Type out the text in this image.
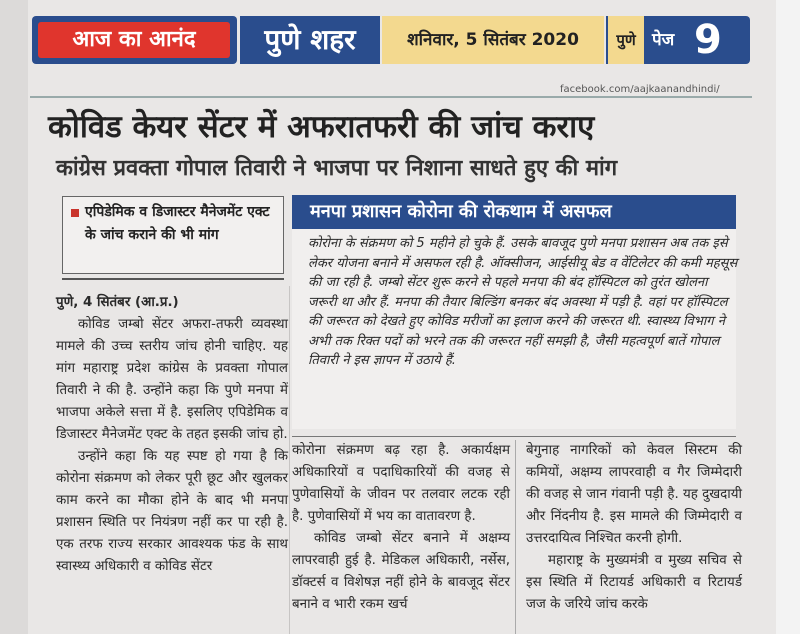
आज का आनंद	पुणे शहर	शनिवार, 5 सितंबर 2020	पुणे पेज 9
facebook.com/aajkaanandhindi/
कोविड केयर सेंटर में अफरातफरी की जांच कराए
कांग्रेस प्रवक्ता गोपाल तिवारी ने भाजपा पर निशाना साधते हुए की मांग
एपिडेमिक व डिजास्टर मैनेजमेंट एक्ट के जांच कराने की भी मांग
मनपा प्रशासन कोरोना की रोकथाम में असफल
कोरोना के संक्रमण को 5 महीने हो चुके हैं. उसके बावजूद पुणे मनपा प्रशासन अब तक इसे लेकर योजना बनाने में असफल रही है. ऑक्सीजन, आईसीयू बेड व वेंटिलेटर की कमी महसूस की जा रही है. जम्बो सेंटर शुरू करने से पहले मनपा की बंद हॉस्पिटल को तुरंत खोलना जरूरी था और हैं. मनपा की तैयार बिल्डिंग बनकर बंद अवस्था में पड़ी है. वहां पर हॉस्पिटल की जरूरत को देखते हुए कोविड मरीजों का इलाज करने की जरूरत थी. स्वास्थ्य विभाग ने अभी तक रिक्त पदों को भरने तक की जरूरत नहीं समझी है, जैसी महत्वपूर्ण बातें गोपाल तिवारी ने इस ज्ञापन में उठाये हैं.

पुणे, 4 सितंबर (आ.प्र.)

कोविड जम्बो सेंटर अफरा-तफरी व्यवस्था मामले की उच्च स्तरीय जांच होनी चाहिए. यह मांग महाराष्ट्र प्रदेश कांग्रेस के प्रवक्ता गोपाल तिवारी ने की है. उन्होंने कहा कि पुणे मनपा में भाजपा अकेले सत्ता में है. इसलिए एपिडेमिक व डिजास्टर मैनेजमेंट एक्ट के तहत इसकी जांच हो.

उन्होंने कहा कि यह स्पष्ट हो गया है कि कोरोना संक्रमण को लेकर पूरी छूट और खुलकर काम करने का मौका होने के बाद भी मनपा प्रशासन स्थिति पर नियंत्रण नहीं कर पा रही है. एक तरफ राज्य सरकार आवश्यक फंड के साथ स्वास्थ्य अधिकारी व कोविड सेंटर

कोरोना संक्रमण बढ़ रहा है. अकार्यक्षम अधिकारियों व पदाधिकारियों की वजह से पुणेवासियों के जीवन पर तलवार लटक रही है. पुणेवासियों में भय का वातावरण है.

कोविड जम्बो सेंटर बनाने में अक्षम्य लापरवाही हुई है. मेडिकल अधिकारी, नर्सेस, डॉक्टर्स व विशेषज्ञ नहीं होने के बावजूद सेंटर बनाने व भारी रकम खर्च

बेगुनाह नागरिकों को केवल सिस्टम की कमियों, अक्षम्य लापरवाही व गैर जिम्मेदारी की वजह से जान गंवानी पड़ी है. यह दुखदायी और निंदनीय है. इस मामले की जिम्मेदारी व उत्तरदायित्व निश्चित करनी होगी.

महाराष्ट्र के मुख्यमंत्री व मुख्य सचिव से इस स्थिति में रिटायर्ड अधिकारी व रिटायर्ड जज के जरिये जांच करके
